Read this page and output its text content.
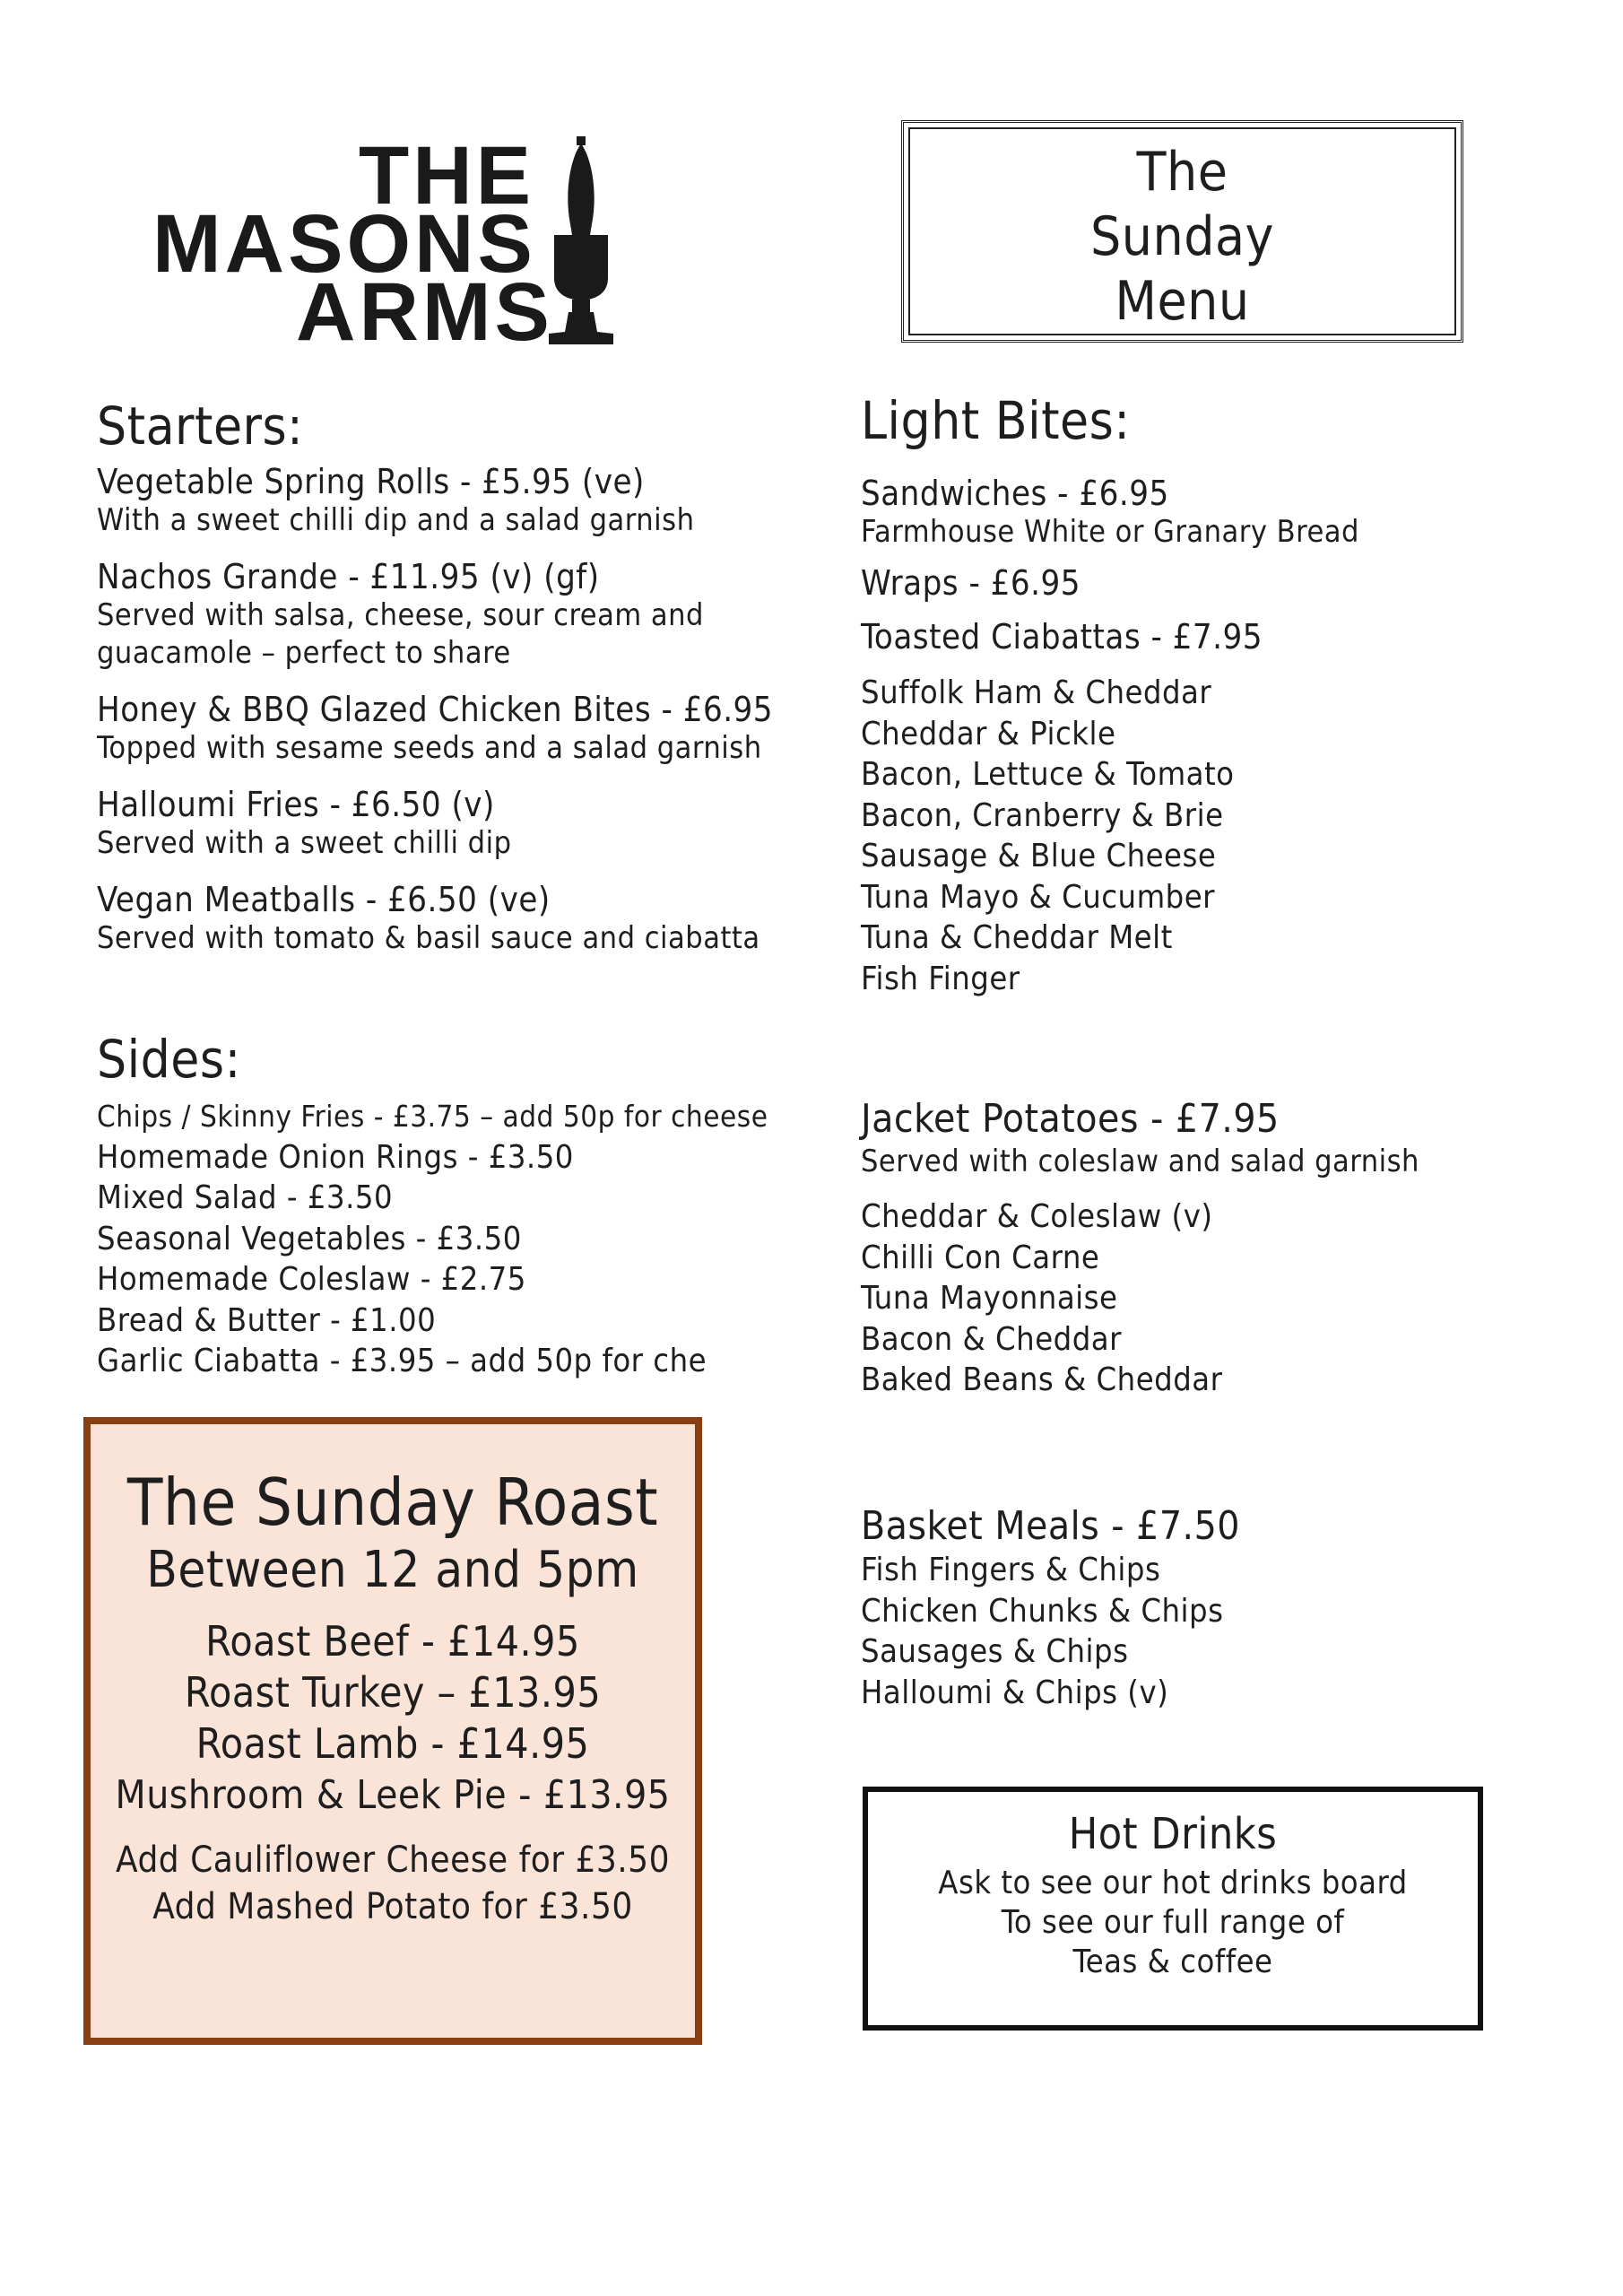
THE
MASONS
ARMS
The
Sunday
Menu
Starters:
Vegetable Spring Rolls - £5.95 (ve)
With a sweet chilli dip and a salad garnish
Nachos Grande - £11.95 (v) (gf)
Served with salsa, cheese, sour cream and
guacamole – perfect to share
Honey & BBQ Glazed Chicken Bites - £6.95
Topped with sesame seeds and a salad garnish
Halloumi Fries - £6.50 (v)
Served with a sweet chilli dip
Vegan Meatballs - £6.50 (ve)
Served with tomato & basil sauce and ciabatta
Sides:
Chips / Skinny Fries - £3.75 – add 50p for cheese
Homemade Onion Rings - £3.50
Mixed Salad - £3.50
Seasonal Vegetables - £3.50
Homemade Coleslaw - £2.75
Bread & Butter - £1.00
Garlic Ciabatta - £3.95 – add 50p for che
The Sunday Roast
Between 12 and 5pm
Roast Beef - £14.95
Roast Turkey – £13.95
Roast Lamb - £14.95
Mushroom & Leek Pie - £13.95
Add Cauliflower Cheese for £3.50
Add Mashed Potato for £3.50
Light Bites:
Sandwiches - £6.95
Farmhouse White or Granary Bread
Wraps - £6.95
Toasted Ciabattas - £7.95
Suffolk Ham & Cheddar
Cheddar & Pickle
Bacon, Lettuce & Tomato
Bacon, Cranberry & Brie
Sausage & Blue Cheese
Tuna Mayo & Cucumber
Tuna & Cheddar Melt
Fish Finger
Jacket Potatoes - £7.95
Served with coleslaw and salad garnish
Cheddar & Coleslaw (v)
Chilli Con Carne
Tuna Mayonnaise
Bacon & Cheddar
Baked Beans & Cheddar
Basket Meals - £7.50
Fish Fingers & Chips
Chicken Chunks & Chips
Sausages & Chips
Halloumi & Chips (v)
Hot Drinks
Ask to see our hot drinks board
To see our full range of
Teas & coffee
